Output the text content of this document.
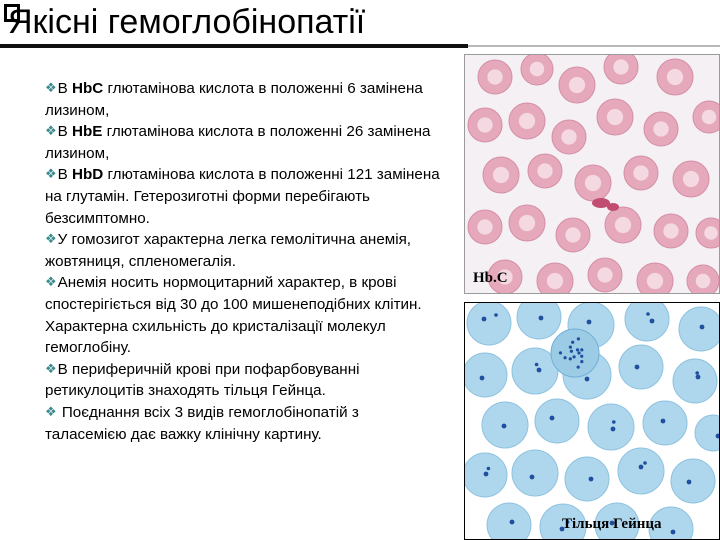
Якісні гемоглобінопатії
❖В HbC глютамінова кислота в положенні 6 замінена лизином,
❖В HbE глютамінова кислота в положенні 26 замінена лизином,
❖В HbD глютамінова кислота в положенні 121 замінена на глутамін. Гетерозиготні форми перебігають безсимптомно.
❖У гомозигот характерна легка гемолітична анемія, жовтяниця, спленомегалія.
❖Анемія носить нормоцитарний характер, в крові спостерігіється від 30 до 100 мишенеподібних клітин. Характерна схильність до кристалізації молекул гемоглобіну.
❖В периферичній крові при пофарбовуванні ретикулоцитів знаходять тільця Гейнца.
❖ Поєднання всіх 3 видів гемоглобінопатій з таласемією дає важку клінічну картину.
Hb.C
Тільця Гейнца
